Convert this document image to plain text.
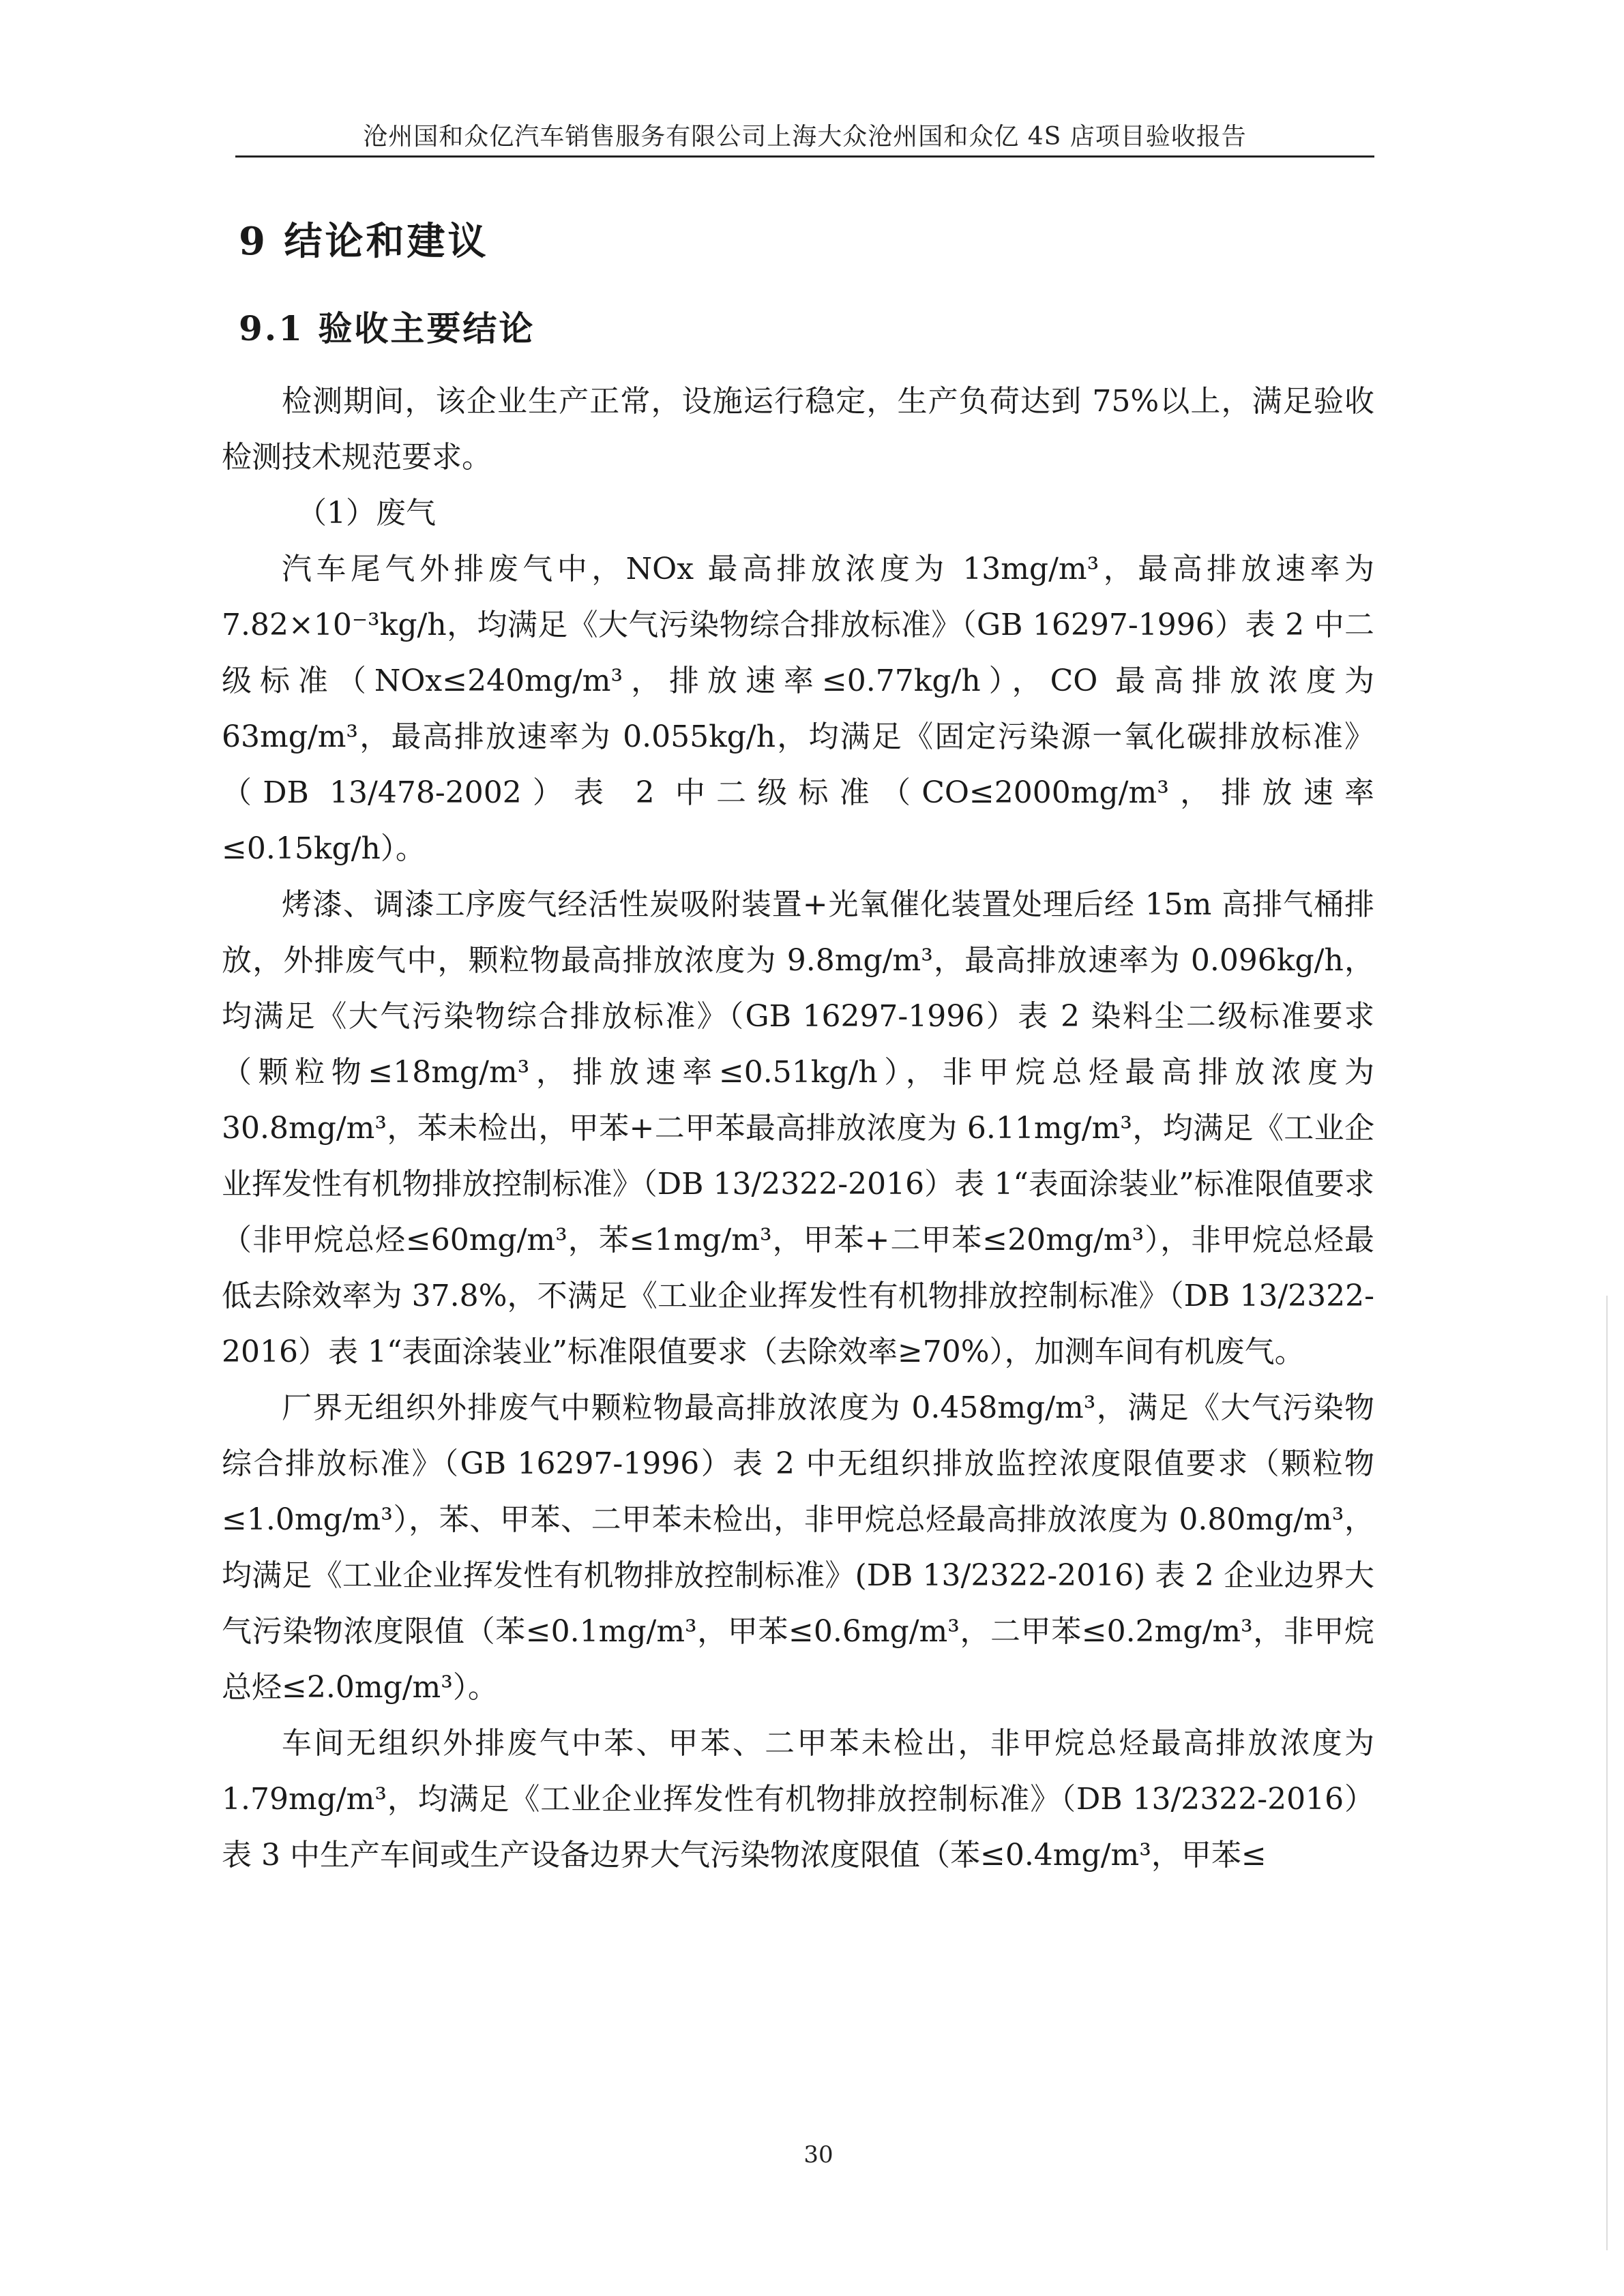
沧州国和众亿汽车销售服务有限公司上海大众沧州国和众亿 4S 店项目验收报告
9 结论和建议
9.1 验收主要结论

检测期间，该企业生产正常，设施运行稳定，生产负荷达到 75%以上，满足验收检测技术规范要求。

（1）废气

汽车尾气外排废气中，NOx 最高排放浓度为 13mg/m³，最高排放速率为 7.82×10⁻³kg/h，均满足《大气污染物综合排放标准》（GB 16297-1996）表 2 中二级标准（NOx≤240mg/m³，排放速率≤0.77kg/h），CO 最高排放浓度为 63mg/m³，最高排放速率为 0.055kg/h，均满足《固定污染源一氧化碳排放标准》（DB 13/478-2002）表 2 中二级标准（CO≤2000mg/m³，排放速率≤0.15kg/h）。

烤漆、调漆工序废气经活性炭吸附装置+光氧催化装置处理后经 15m 高排气桶排放，外排废气中，颗粒物最高排放浓度为 9.8mg/m³，最高排放速率为 0.096kg/h，均满足《大气污染物综合排放标准》（GB 16297-1996）表 2 染料尘二级标准要求（颗粒物≤18mg/m³，排放速率≤0.51kg/h），非甲烷总烃最高排放浓度为 30.8mg/m³，苯未检出，甲苯+二甲苯最高排放浓度为 6.11mg/m³，均满足《工业企业挥发性有机物排放控制标准》（DB 13/2322-2016）表 1“表面涂装业”标准限值要求（非甲烷总烃≤60mg/m³，苯≤1mg/m³，甲苯+二甲苯≤20mg/m³），非甲烷总烃最低去除效率为 37.8%，不满足《工业企业挥发性有机物排放控制标准》（DB 13/2322-2016）表 1“表面涂装业”标准限值要求（去除效率≥70%），加测车间有机废气。

厂界无组织外排废气中颗粒物最高排放浓度为 0.458mg/m³，满足《大气污染物综合排放标准》（GB 16297-1996）表 2 中无组织排放监控浓度限值要求（颗粒物≤1.0mg/m³），苯、甲苯、二甲苯未检出，非甲烷总烃最高排放浓度为 0.80mg/m³，均满足《工业企业挥发性有机物排放控制标准》(DB 13/2322-2016) 表 2 企业边界大气污染物浓度限值（苯≤0.1mg/m³，甲苯≤0.6mg/m³，二甲苯≤0.2mg/m³，非甲烷总烃≤2.0mg/m³）。

车间无组织外排废气中苯、甲苯、二甲苯未检出，非甲烷总烃最高排放浓度为 1.79mg/m³，均满足《工业企业挥发性有机物排放控制标准》（DB 13/2322-2016）表 3 中生产车间或生产设备边界大气污染物浓度限值（苯≤0.4mg/m³，甲苯≤

30
